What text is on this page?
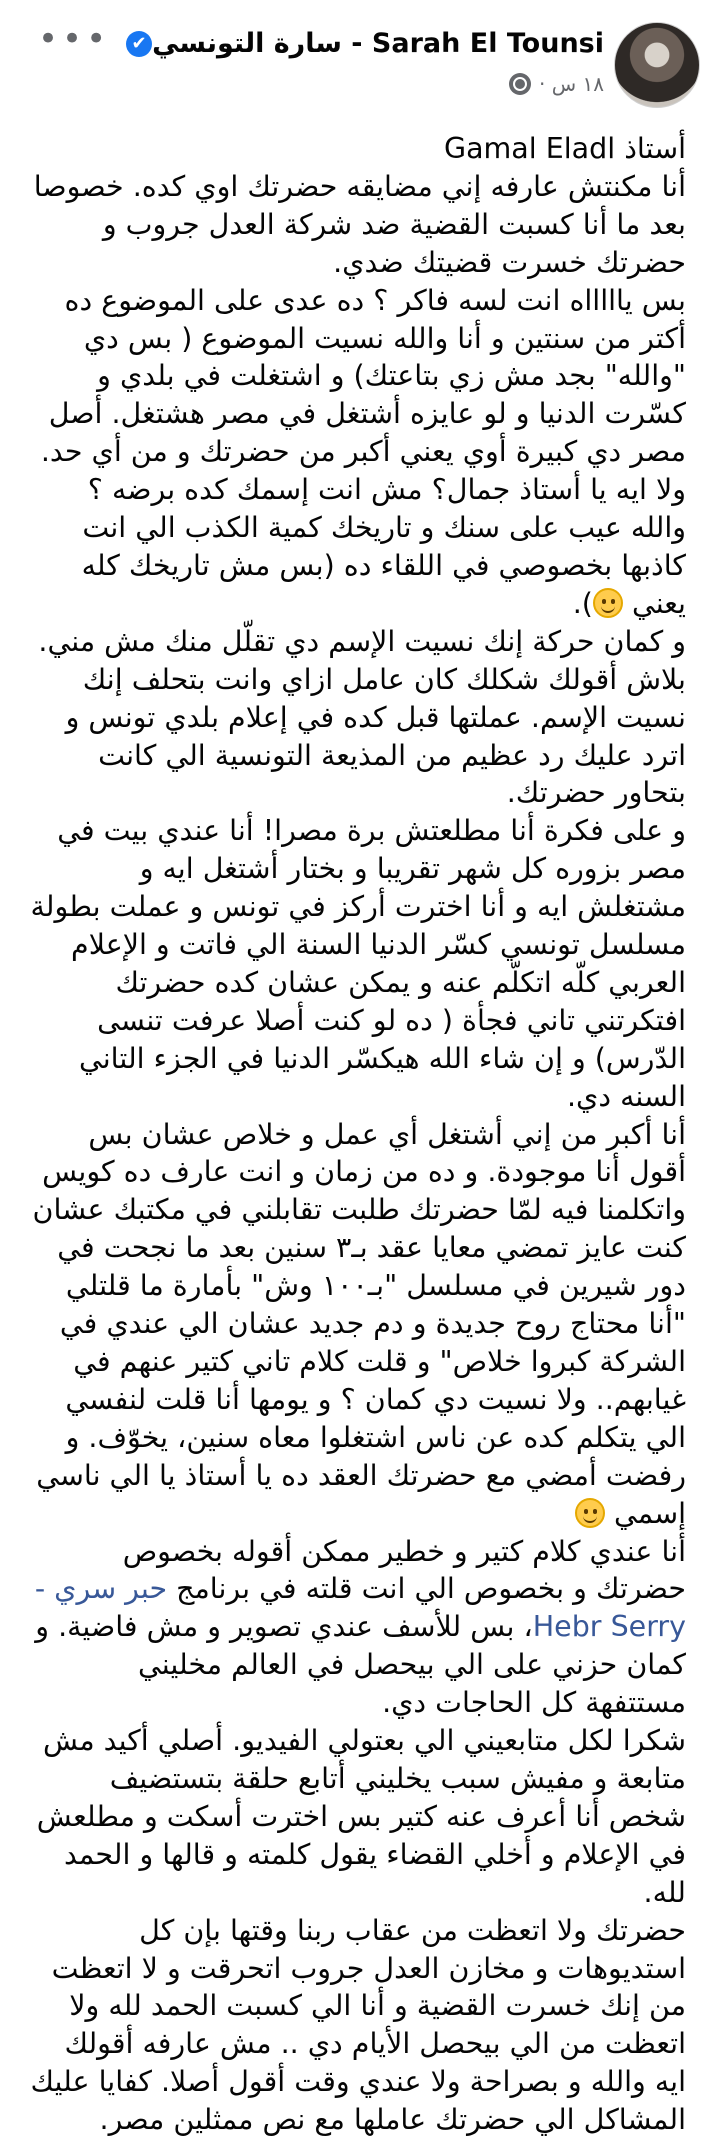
••• Sarah El Tounsi - سارة التونسي
✔
١٨ س ·

أستاذ Gamal Eladl

أنا مكنتش عارفه إني مضايقه حضرتك اوي كده. خصوصا بعد ما أنا كسبت القضية ضد شركة العدل جروب و حضرتك خسرت قضيتك ضدي.

بس ياااااه انت لسه فاكر ؟ ده عدى على الموضوع ده أكتر من سنتين و أنا والله نسيت الموضوع ( بس دي "والله" بجد مش زي بتاعتك) و اشتغلت في بلدي و كسّرت الدنيا و لو عايزه أشتغل في مصر هشتغل. أصل مصر دي كبيرة أوي يعني أكبر من حضرتك و من أي حد. ولا ايه يا أستاذ جمال؟ مش انت إسمك كده برضه ؟ والله عيب على سنك و تاريخك كمية الكذب الي انت كاذبها بخصوصي في اللقاء ده (بس مش تاريخك كله يعني ).

و كمان حركة إنك نسيت الإسم دي تقلّل منك مش مني. بلاش أقولك شكلك كان عامل ازاي وانت بتحلف إنك نسيت الإسم. عملتها قبل كده في إعلام بلدي تونس و اترد عليك رد عظيم من المذيعة التونسية الي كانت بتحاور حضرتك.

و على فكرة أنا مطلعتش برة مصرا! أنا عندي بيت في مصر بزوره كل شهر تقريبا و بختار أشتغل ايه و مشتغلش ايه و أنا اخترت أركز في تونس و عملت بطولة مسلسل تونسي كسّر الدنيا السنة الي فاتت و الإعلام العربي كلّه اتكلّم عنه و يمكن عشان كده حضرتك افتكرتني تاني فجأة ( ده لو كنت أصلا عرفت تنسى الدّرس) و إن شاء الله هيكسّر الدنيا في الجزء التاني السنه دي.

أنا أكبر من إني أشتغل أي عمل و خلاص عشان بس أقول أنا موجودة. و ده من زمان و انت عارف ده كويس واتكلمنا فيه لمّا حضرتك طلبت تقابلني في مكتبك عشان كنت عايز تمضي معايا عقد بـ٣ سنين بعد ما نجحت في دور شيرين في مسلسل "بـ١٠٠ وش" بأمارة ما قلتلي "أنا محتاج روح جديدة و دم جديد عشان الي عندي في الشركة كبروا خلاص" و قلت كلام تاني كتير عنهم في غيابهم.. ولا نسيت دي كمان ؟ و يومها أنا قلت لنفسي الي يتكلم كده عن ناس اشتغلوا معاه سنين، يخوّف. و رفضت أمضي مع حضرتك العقد ده يا أستاذ يا الي ناسي إسمي

أنا عندي كلام كتير و خطير ممكن أقوله بخصوص حضرتك و بخصوص الي انت قلته في برنامج حبر سري - Hebr Serry، بس للأسف عندي تصوير و مش فاضية. و كمان حزني على الي بيحصل في العالم مخليني مستتفهة كل الحاجات دي.

شكرا لكل متابعيني الي بعتولي الفيديو. أصلي أكيد مش متابعة و مفيش سبب يخليني أتابع حلقة بتستضيف شخص أنا أعرف عنه كتير بس اخترت أسكت و مطلعش في الإعلام و أخلي القضاء يقول كلمته و قالها و الحمد لله.

حضرتك ولا اتعظت من عقاب ربنا وقتها بإن كل استديوهات و مخازن العدل جروب اتحرقت و لا اتعظت من إنك خسرت القضية و أنا الي كسبت الحمد لله ولا اتعظت من الي بيحصل الأيام دي .. مش عارفه أقولك ايه والله و بصراحة ولا عندي وقت أقول أصلا. كفايا عليك المشاكل الي حضرتك عاملها مع نص ممثلين مصر.
